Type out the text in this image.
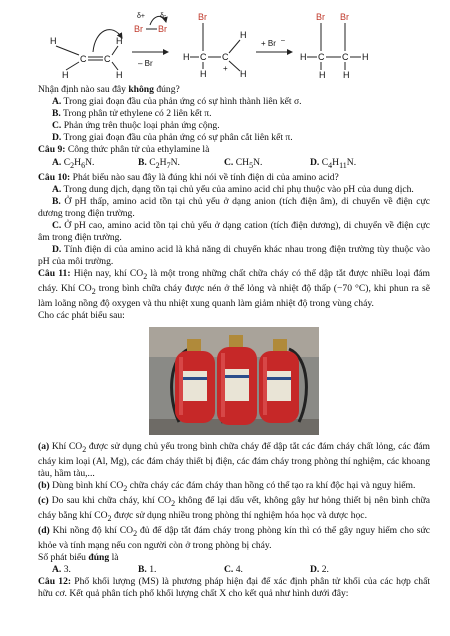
H	H
H	H
C C
δ+ δ-
Br Br
– Br
Br
H
H
H
H
C C
+
+ Br –
Br Br
H	H
H H
C C

Nhận định nào sau đây không đúng?

A. Trong giai đoạn đầu của phản ứng có sự hình thành liên kết σ.

B. Trong phân tử ethylene có 2 liên kết π.

C. Phản ứng trên thuộc loại phản ứng cộng.

D. Trong giai đoạn đầu của phản ứng có sự phân cắt liên kết π.

Câu 9: Công thức phân tử của ethylamine là

A. $C_2H_6N$.	B. $C_2H_7N$.	C. $CH_5N$.	D. $C_4H_{11}N$.

Câu 10: Phát biểu nào sau đây là đúng khi nói về tính điện di của amino acid?

A. Trong dung dịch, dạng tồn tại chủ yếu của amino acid chỉ phụ thuộc vào pH của dung dịch.

B. Ở pH thấp, amino acid tồn tại chủ yếu ở dạng anion (tích điện âm), di chuyển về điện cực dương trong điện trường.

C. Ở pH cao, amino acid tồn tại chủ yếu ở dạng cation (tích điện dương), di chuyển về điện cực âm trong điện trường.

D. Tính điện di của amino acid là khả năng di chuyển khác nhau trong điện trường tùy thuộc vào pH của môi trường.

Câu 11: Hiện nay, khí $CO_2$ là một trong những chất chữa cháy có thể dập tắt được nhiều loại đám cháy. Khí $CO_2$ trong bình chữa cháy được nén ở thể lỏng và nhiệt độ thấp (−70 °C), khi phun ra sẽ làm loãng nồng độ oxygen và thu nhiệt xung quanh làm giảm nhiệt độ trong vùng cháy.

Cho các phát biểu sau:

(a) Khí $CO_2$ được sử dụng chủ yếu trong bình chữa cháy để dập tắt các đám cháy chất lỏng, các đám cháy kim loại (Al, Mg), các đám cháy thiết bị điện, các đám cháy trong phòng thí nghiệm, các khoang tàu, hầm tàu,...

(b) Dùng bình khí $CO_2$ chữa cháy các đám cháy than hồng có thể tạo ra khí độc hại và nguy hiểm.

(c) Do sau khi chữa cháy, khí $CO_2$ không để lại dấu vết, không gây hư hỏng thiết bị nên bình chữa cháy bằng khí $CO_2$ được sử dụng nhiều trong phòng thí nghiệm hóa học và dược học.

(d) Khi nồng độ khí $CO_2$ đủ để dập tắt đám cháy trong phòng kín thì có thể gây nguy hiểm cho sức khỏe và tính mạng nếu con người còn ở trong phòng bị cháy.

Số phát biểu đúng là

A. 3.	B. 1.	C. 4.	D. 2.

Câu 12: Phổ khối lượng (MS) là phương pháp hiện đại để xác định phân tử khối của các hợp chất hữu cơ. Kết quả phân tích phổ khối lượng chất X cho kết quả như hình dưới đây:
